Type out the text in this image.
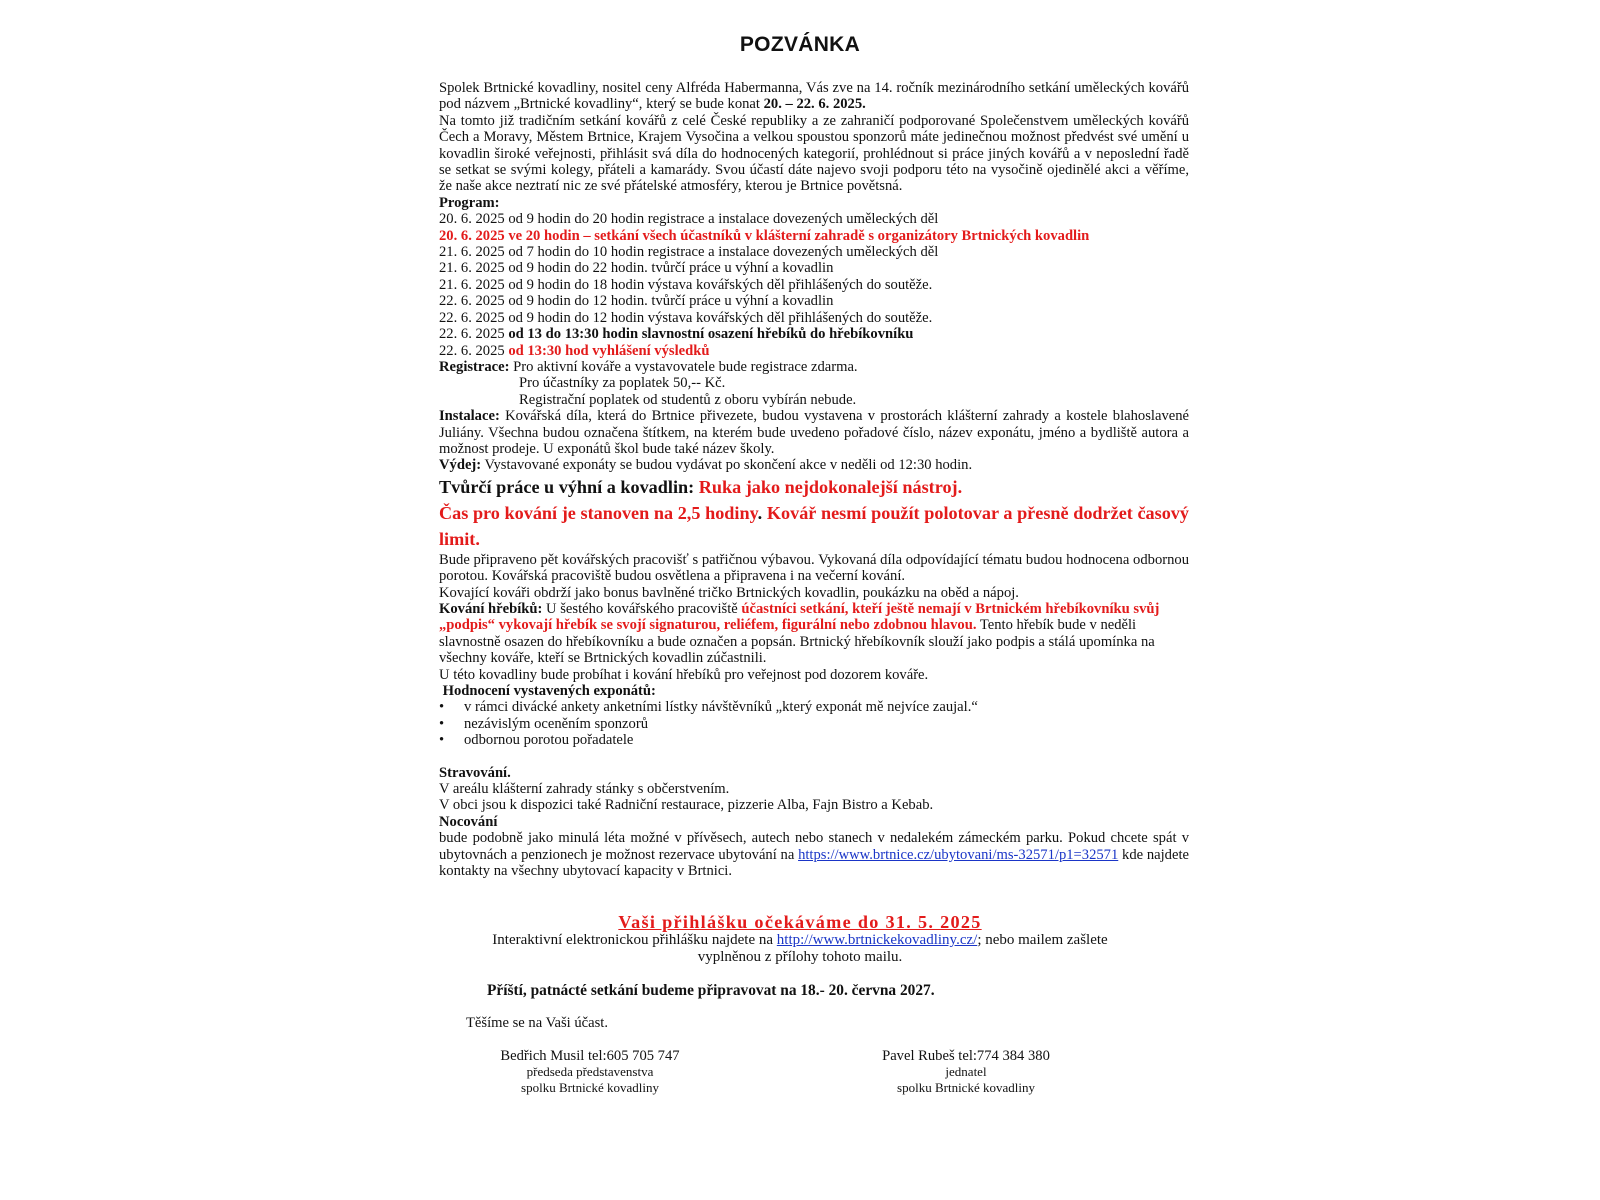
POZVÁNKA

Spolek Brtnické kovadliny, nositel ceny Alfréda Habermanna, Vás zve na 14. ročník mezinárodního setkání uměleckých kovářů pod názvem „Brtnické kovadliny“, který se bude konat 20. – 22. 6. 2025.

Na tomto již tradičním setkání kovářů z celé České republiky a ze zahraničí podporované Společenstvem uměleckých kovářů Čech a Moravy, Městem Brtnice, Krajem Vysočina a velkou spoustou sponzorů máte jedinečnou možnost předvést své umění u kovadlin široké veřejnosti, přihlásit svá díla do hodnocených kategorií, prohlédnout si práce jiných kovářů a v neposlední řadě se setkat se svými kolegy, přáteli a kamarády. Svou účastí dáte najevo svoji podporu této na vysočině ojedinělé akci a věříme, že naše akce neztratí nic ze své přátelské atmosféry, kterou je Brtnice povětsná.

Program:

20. 6. 2025 od 9 hodin do 20 hodin registrace a instalace dovezených uměleckých děl

20. 6. 2025 ve 20 hodin – setkání všech účastníků v klášterní zahradě s organizátory Brtnických kovadlin

21. 6. 2025 od 7 hodin do 10 hodin registrace a instalace dovezených uměleckých děl

21. 6. 2025 od 9 hodin do 22 hodin. tvůrčí práce u výhní a kovadlin

21. 6. 2025 od 9 hodin do 18 hodin výstava kovářských děl přihlášených do soutěže.

22. 6. 2025 od 9 hodin do 12 hodin. tvůrčí práce u výhní a kovadlin

22. 6. 2025 od 9 hodin do 12 hodin výstava kovářských děl přihlášených do soutěže.

22. 6. 2025 od 13 do 13:30 hodin slavnostní osazení hřebíků do hřebíkovníku

22. 6. 2025 od 13:30 hod vyhlášení výsledků

Registrace: Pro aktivní kováře a vystavovatele bude registrace zdarma.

Pro účastníky za poplatek 50,-- Kč.

Registrační poplatek od studentů z oboru vybírán nebude.

Instalace: Kovářská díla, která do Brtnice přivezete, budou vystavena v prostorách klášterní zahrady a kostele blahoslavené Juliány. Všechna budou označena štítkem, na kterém bude uvedeno pořadové číslo, název exponátu, jméno a bydliště autora a možnost prodeje. U exponátů škol bude také název školy.

Výdej: Vystavované exponáty se budou vydávat po skončení akce v neděli od 12:30 hodin.

Tvůrčí práce u výhní a kovadlin: Ruka jako nejdokonalejší nástroj.

Čas pro kování je stanoven na 2,5 hodiny. Kovář nesmí použít polotovar a přesně dodržet časový limit.

Bude připraveno pět kovářských pracovišť s patřičnou výbavou. Vykovaná díla odpovídající tématu budou hodnocena odbornou porotou. Kovářská pracoviště budou osvětlena a připravena i na večerní kování.

Kovající kováři obdrží jako bonus bavlněné tričko Brtnických kovadlin, poukázku na oběd a nápoj.

Kování hřebíků: U šestého kovářského pracoviště účastníci setkání, kteří ještě nemají v Brtnickém hřebíkovníku svůj „podpis“ vykovají hřebík se svojí signaturou, reliéfem, figurální nebo zdobnou hlavou. Tento hřebík bude v neděli slavnostně osazen do hřebíkovníku a bude označen a popsán. Brtnický hřebíkovník slouží jako podpis a stálá upomínka na všechny kováře, kteří se Brtnických kovadlin zúčastnili.

U této kovadliny bude probíhat i kování hřebíků pro veřejnost pod dozorem kováře.

Hodnocení vystavených exponátů:

• v rámci divácké ankety anketními lístky návštěvníků „který exponát mě nejvíce zaujal.“
• nezávislým oceněním sponzorů
• odbornou porotou pořadatele

Stravování.

V areálu klášterní zahrady stánky s občerstvením.

V obci jsou k dispozici také Radniční restaurace, pizzerie Alba, Fajn Bistro a Kebab.

Nocování

bude podobně jako minulá léta možné v přívěsech, autech nebo stanech v nedalekém zámeckém parku. Pokud chcete spát v ubytovnách a penzionech je možnost rezervace ubytování na https://www.brtnice.cz/ubytovani/ms-32571/p1=32571 kde najdete kontakty na všechny ubytovací kapacity v Brtnici.

Vaši přihlášku očekáváme do 31. 5. 2025
Interaktivní elektronickou přihlášku najdete na http://www.brtnickekovadliny.cz/; nebo mailem zašlete
vyplněnou z přílohy tohoto mailu.
Příští, patnácté setkání budeme připravovat na 18.- 20. června 2027.
Těšíme se na Vaši účast.
Bedřich Musil tel:605 705 747
předseda představenstva
spolku Brtnické kovadliny
Pavel Rubeš tel:774 384 380
jednatel
spolku Brtnické kovadliny
